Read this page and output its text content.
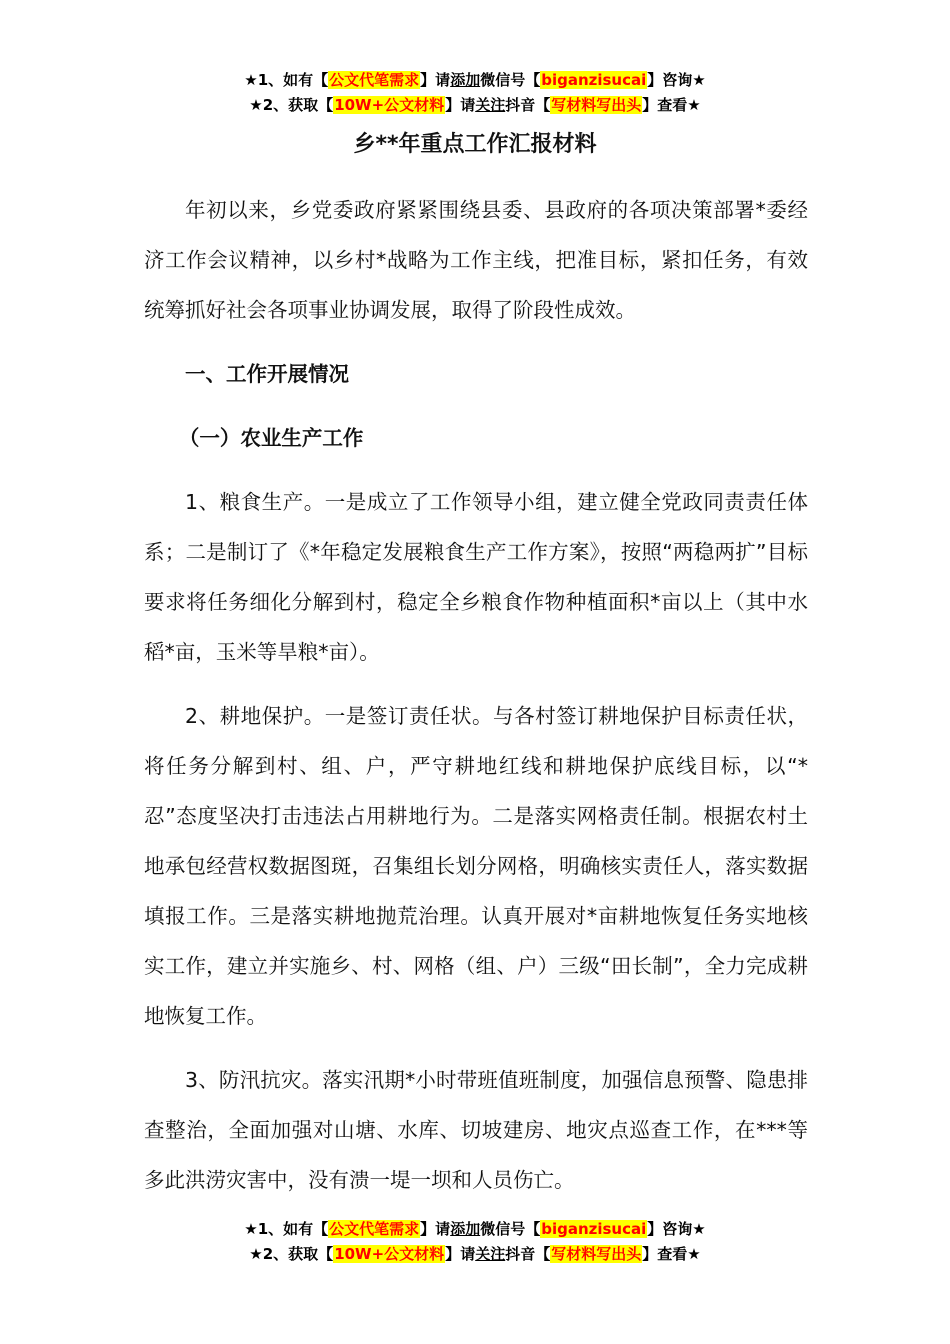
★1、如有【公文代笔需求】请添加微信号【biganzisucai】咨询★
★2、获取【10W+公文材料】请关注抖音【写材料写出头】查看★
乡**年重点工作汇报材料

年初以来，乡党委政府紧紧围绕县委、县政府的各项决策部署*委经济工作会议精神，以乡村*战略为工作主线，把准目标，紧扣任务，有效统筹抓好社会各项事业协调发展，取得了阶段性成效。

一、工作开展情况
（一）农业生产工作

1、粮食生产。一是成立了工作领导小组，建立健全党政同责责任体系；二是制订了《*年稳定发展粮食生产工作方案》，按照“两稳两扩”目标要求将任务细化分解到村，稳定全乡粮食作物种植面积*亩以上（其中水稻*亩，玉米等旱粮*亩）。

2、耕地保护。一是签订责任状。与各村签订耕地保护目标责任状，将任务分解到村、组、户，严守耕地红线和耕地保护底线目标，以“*忍”态度坚决打击违法占用耕地行为。二是落实网格责任制。根据农村土地承包经营权数据图斑，召集组长划分网格，明确核实责任人，落实数据填报工作。三是落实耕地抛荒治理。认真开展对*亩耕地恢复任务实地核实工作，建立并实施乡、村、网格（组、户）三级“田长制”，全力完成耕地恢复工作。

3、防汛抗灾。落实汛期*小时带班值班制度，加强信息预警、隐患排查整治，全面加强对山塘、水库、切坡建房、地灾点巡查工作，在***等多此洪涝灾害中，没有溃一堤一坝和人员伤亡。

★1、如有【公文代笔需求】请添加微信号【biganzisucai】咨询★
★2、获取【10W+公文材料】请关注抖音【写材料写出头】查看★
